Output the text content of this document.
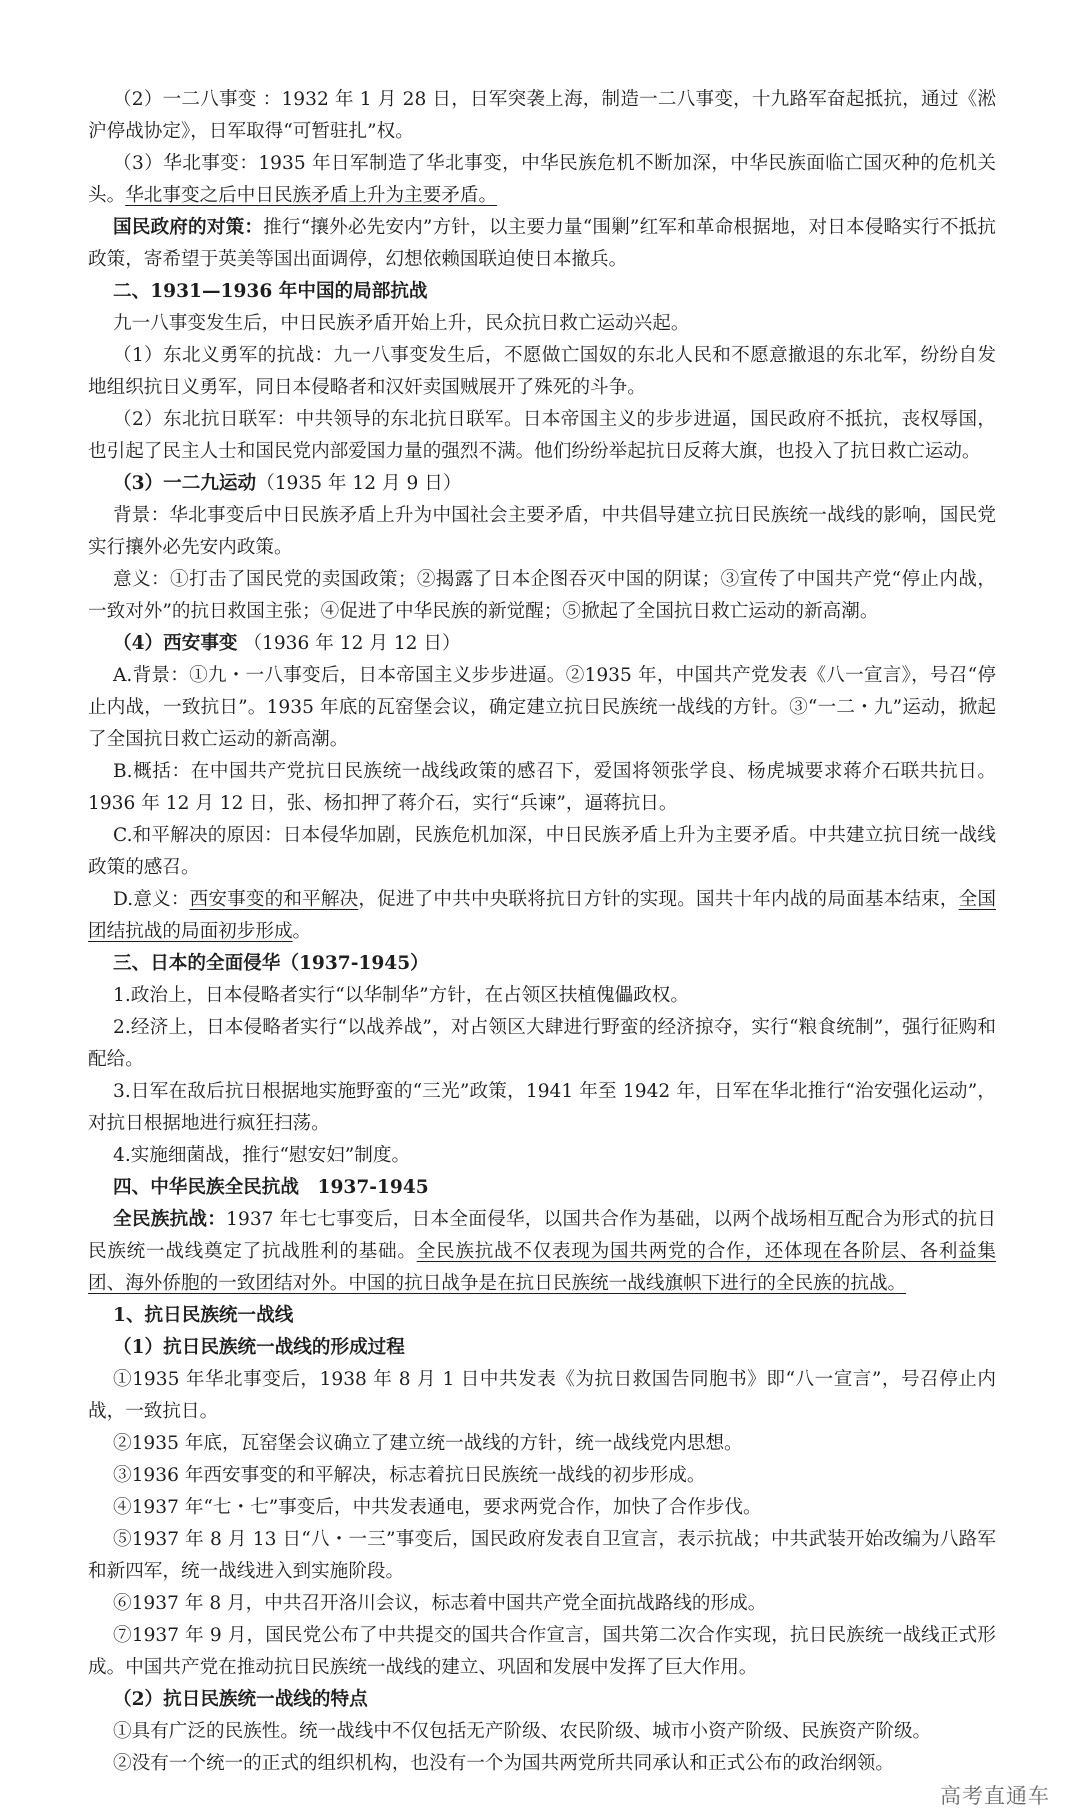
（2）一二八事变 ：1932 年 1 月 28 日，日军突袭上海，制造一二八事变，十九路军奋起抵抗，通过《淞沪停战协定》，日军取得“可暂驻扎”权。

（3）华北事变：1935 年日军制造了华北事变，中华民族危机不断加深，中华民族面临亡国灭种的危机关头。华北事变之后中日民族矛盾上升为主要矛盾。

国民政府的对策：推行“攘外必先安内”方针，以主要力量“围剿”红军和革命根据地，对日本侵略实行不抵抗政策，寄希望于英美等国出面调停，幻想依赖国联迫使日本撤兵。

二、1931—1936 年中国的局部抗战

九一八事变发生后，中日民族矛盾开始上升，民众抗日救亡运动兴起。

（1）东北义勇军的抗战：九一八事变发生后，不愿做亡国奴的东北人民和不愿意撤退的东北军，纷纷自发地组织抗日义勇军，同日本侵略者和汉奸卖国贼展开了殊死的斗争。

（2）东北抗日联军：中共领导的东北抗日联军。日本帝国主义的步步进逼，国民政府不抵抗，丧权辱国，也引起了民主人士和国民党内部爱国力量的强烈不满。他们纷纷举起抗日反蒋大旗，也投入了抗日救亡运动。

（3）一二九运动（1935 年 12 月 9 日）

背景：华北事变后中日民族矛盾上升为中国社会主要矛盾，中共倡导建立抗日民族统一战线的影响，国民党实行攘外必先安内政策。

意义：①打击了国民党的卖国政策；②揭露了日本企图吞灭中国的阴谋；③宣传了中国共产党“停止内战，一致对外”的抗日救国主张；④促进了中华民族的新觉醒；⑤掀起了全国抗日救亡运动的新高潮。

（4）西安事变 （1936 年 12 月 12 日）

A.背景：①九・一八事变后，日本帝国主义步步进逼。②1935 年，中国共产党发表《八一宣言》，号召“停止内战，一致抗日”。1935 年底的瓦窑堡会议，确定建立抗日民族统一战线的方针。③“一二・九”运动，掀起了全国抗日救亡运动的新高潮。

B.概括：在中国共产党抗日民族统一战线政策的感召下，爱国将领张学良、杨虎城要求蒋介石联共抗日。1936 年 12 月 12 日，张、杨扣押了蒋介石，实行“兵谏”，逼蒋抗日。

C.和平解决的原因：日本侵华加剧，民族危机加深，中日民族矛盾上升为主要矛盾。中共建立抗日统一战线政策的感召。

D.意义：西安事变的和平解决，促进了中共中央联将抗日方针的实现。国共十年内战的局面基本结束，全国团结抗战的局面初步形成。

三、日本的全面侵华（1937-1945）

1.政治上，日本侵略者实行“以华制华”方针，在占领区扶植傀儡政权。

2.经济上，日本侵略者实行“以战养战”，对占领区大肆进行野蛮的经济掠夺，实行“粮食统制”，强行征购和配给。

3.日军在敌后抗日根据地实施野蛮的“三光”政策，1941 年至 1942 年，日军在华北推行“治安强化运动”，对抗日根据地进行疯狂扫荡。

4.实施细菌战，推行“慰安妇”制度。

四、中华民族全民抗战　1937-1945

全民族抗战：1937 年七七事变后，日本全面侵华，以国共合作为基础，以两个战场相互配合为形式的抗日民族统一战线奠定了抗战胜利的基础。全民族抗战不仅表现为国共两党的合作，还体现在各阶层、各利益集团、海外侨胞的一致团结对外。中国的抗日战争是在抗日民族统一战线旗帜下进行的全民族的抗战。

1、抗日民族统一战线

（1）抗日民族统一战线的形成过程

①1935 年华北事变后，1938 年 8 月 1 日中共发表《为抗日救国告同胞书》即“八一宣言”，号召停止内战，一致抗日。

②1935 年底，瓦窑堡会议确立了建立统一战线的方针，统一战线党内思想。

③1936 年西安事变的和平解决，标志着抗日民族统一战线的初步形成。

④1937 年“七・七”事变后，中共发表通电，要求两党合作，加快了合作步伐。

⑤1937 年 8 月 13 日“八・一三”事变后，国民政府发表自卫宣言，表示抗战；中共武装开始改编为八路军和新四军，统一战线进入到实施阶段。

⑥1937 年 8 月，中共召开洛川会议，标志着中国共产党全面抗战路线的形成。

⑦1937 年 9 月，国民党公布了中共提交的国共合作宣言，国共第二次合作实现，抗日民族统一战线正式形成。中国共产党在推动抗日民族统一战线的建立、巩固和发展中发挥了巨大作用。

（2）抗日民族统一战线的特点

①具有广泛的民族性。统一战线中不仅包括无产阶级、农民阶级、城市小资产阶级、民族资产阶级。

②没有一个统一的正式的组织机构，也没有一个为国共两党所共同承认和正式公布的政治纲领。

高考直通车
